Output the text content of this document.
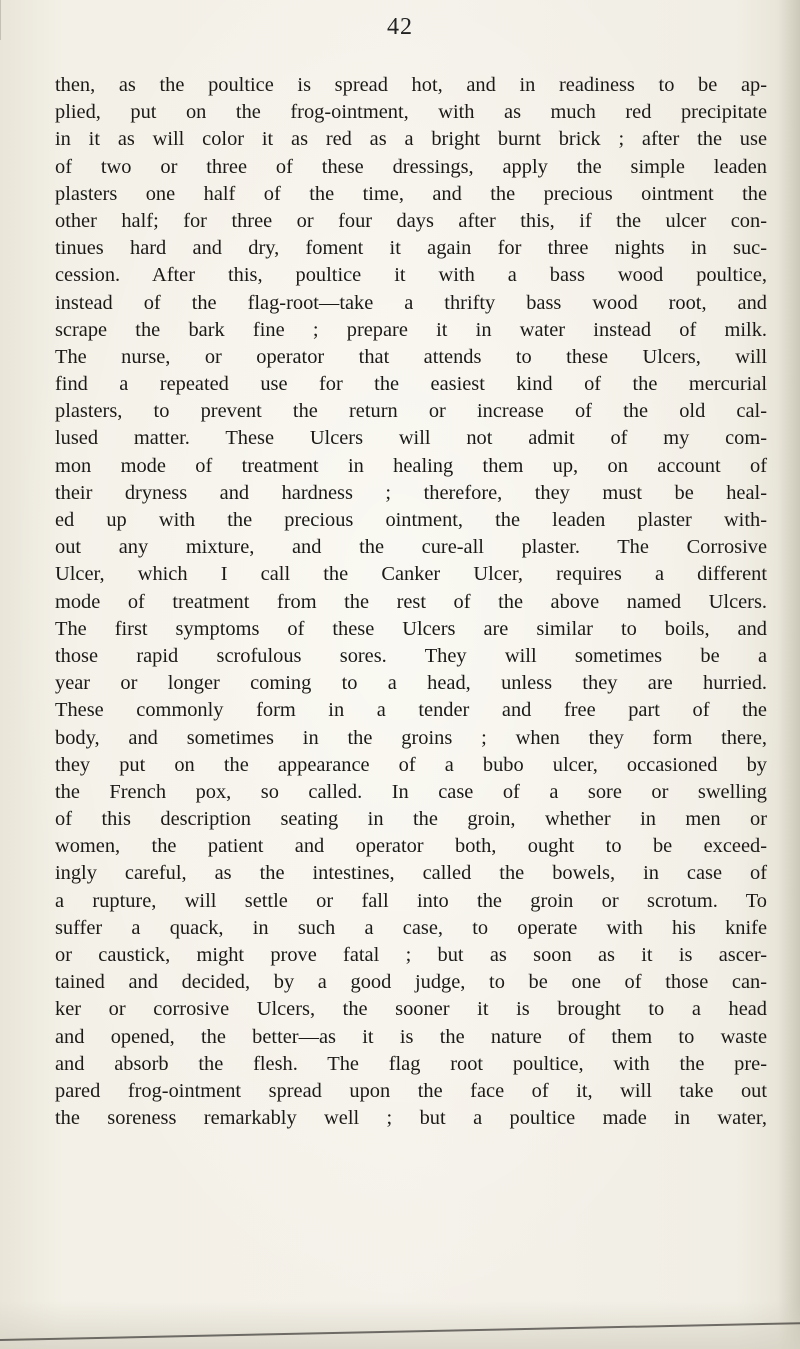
42
then, as the poultice is spread hot, and in readiness to be ap-
plied, put on the frog-ointment, with as much red precipitate
in it as will color it as red as a bright burnt brick ; after the use
of two or three of these dressings, apply the simple leaden
plasters one half of the time, and the precious ointment the
other half; for three or four days after this, if the ulcer con-
tinues hard and dry, foment it again for three nights in suc-
cession. After this, poultice it with a bass wood poultice,
instead of the flag-root—take a thrifty bass wood root, and
scrape the bark fine ; prepare it in water instead of milk.
The nurse, or operator that attends to these Ulcers, will
find a repeated use for the easiest kind of the mercurial
plasters, to prevent the return or increase of the old cal-
lused matter. These Ulcers will not admit of my com-
mon mode of treatment in healing them up, on account of
their dryness and hardness ; therefore, they must be heal-
ed up with the precious ointment, the leaden plaster with-
out any mixture, and the cure-all plaster. The Corrosive
Ulcer, which I call the Canker Ulcer, requires a different
mode of treatment from the rest of the above named Ulcers.
The first symptoms of these Ulcers are similar to boils, and
those rapid scrofulous sores. They will sometimes be a
year or longer coming to a head, unless they are hurried.
These commonly form in a tender and free part of the
body, and sometimes in the groins ; when they form there,
they put on the appearance of a bubo ulcer, occasioned by
the French pox, so called. In case of a sore or swelling
of this description seating in the groin, whether in men or
women, the patient and operator both, ought to be exceed-
ingly careful, as the intestines, called the bowels, in case of
a rupture, will settle or fall into the groin or scrotum. To
suffer a quack, in such a case, to operate with his knife
or caustick, might prove fatal ; but as soon as it is ascer-
tained and decided, by a good judge, to be one of those can-
ker or corrosive Ulcers, the sooner it is brought to a head
and opened, the better—as it is the nature of them to waste
and absorb the flesh. The flag root poultice, with the pre-
pared frog-ointment spread upon the face of it, will take out
the soreness remarkably well ; but a poultice made in water,
